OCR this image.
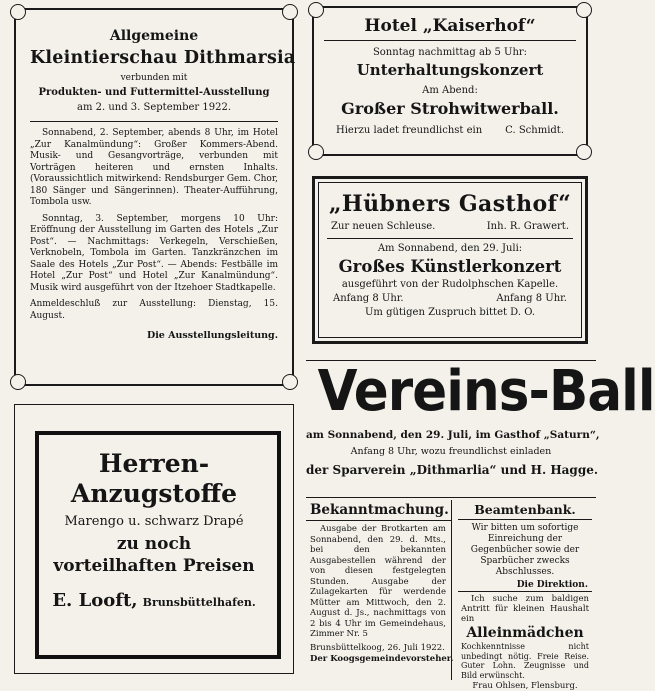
Allgemeine
Kleintierschau Dithmarsia
verbunden mit
Produkten- und Futtermittel-Ausstellung
am 2. und 3. September 1922.

Sonnabend, 2. September, abends 8 Uhr, im Hotel „Zur Kanalmündung“: Großer Kommers-Abend. Musik- und Gesangvorträge, verbunden mit Vorträgen heiteren und ernsten Inhalts. (Voraussichtlich mitwirkend: Rendsburger Gem. Chor, 180 Sänger und Sängerinnen). Theater-Aufführung, Tombola usw.

Sonntag, 3. September, morgens 10 Uhr: Eröffnung der Ausstellung im Garten des Hotels „Zur Post“. — Nachmittags: Verkegeln, Verschießen, Verknobeln, Tombola im Garten. Tanzkränzchen im Saale des Hotels „Zur Post“. — Abends: Festbälle im Hotel „Zur Post“ und Hotel „Zur Kanalmündung“. Musik wird ausgeführt von der Itzehoer Stadtkapelle.

Anmeldeschluß zur Ausstellung: Dienstag, 15. August.

Die Ausstellungsleitung.
Hotel „Kaiserhof“
Sonntag nachmittag ab 5 Uhr:
Unterhaltungskonzert
Am Abend:
Großer Strohwitwerball.
Hierzu ladet freundlichst ein C. Schmidt.
„Hübners Gasthof“
Zur neuen Schleuse.	Inh. R. Grawert.
Am Sonnabend, den 29. Juli:
Großes Künstlerkonzert
ausgeführt von der Rudolphschen Kapelle.
Anfang 8 Uhr.	Anfang 8 Uhr.
Um gütigen Zuspruch bittet D. O.
Vereins-Ball
am Sonnabend, den 29. Juli, im Gasthof „Saturn“,
Anfang 8 Uhr, wozu freundlichst einladen
der Sparverein „Dithmarlia“ und H. Hagge.
Herren-
Anzugstoffe
Marengo u. schwarz Drapé
zu noch
vorteilhaften Preisen
E. Looft, Brunsbüttelhafen.
Bekanntmachung.

Ausgabe der Brotkarten am Sonnabend, den 29. d. Mts., bei den bekannten Ausgabestellen während der von diesen festgelegten Stunden. Ausgabe der Zulagekarten für werdende Mütter am Mittwoch, den 2. August d. Js., nachmittags von 2 bis 4 Uhr im Gemeindehaus, Zimmer Nr. 5

Brunsbüttelkoog, 26. Juli 1922.
Der Koogsgemeindevorsteher.
Beamtenbank.

Wir bitten um sofortige Einreichung der Gegenbücher sowie der Sparbücher zwecks Abschlusses.

Die Direktion.

Ich suche zum baldigen Antritt für kleinen Haushalt ein

Alleinmädchen

Kochkenntnisse nicht unbedingt nötig. Freie Reise. Guter Lohn. Zeugnisse und Bild erwünscht.

Frau Ohlsen, Flensburg.
